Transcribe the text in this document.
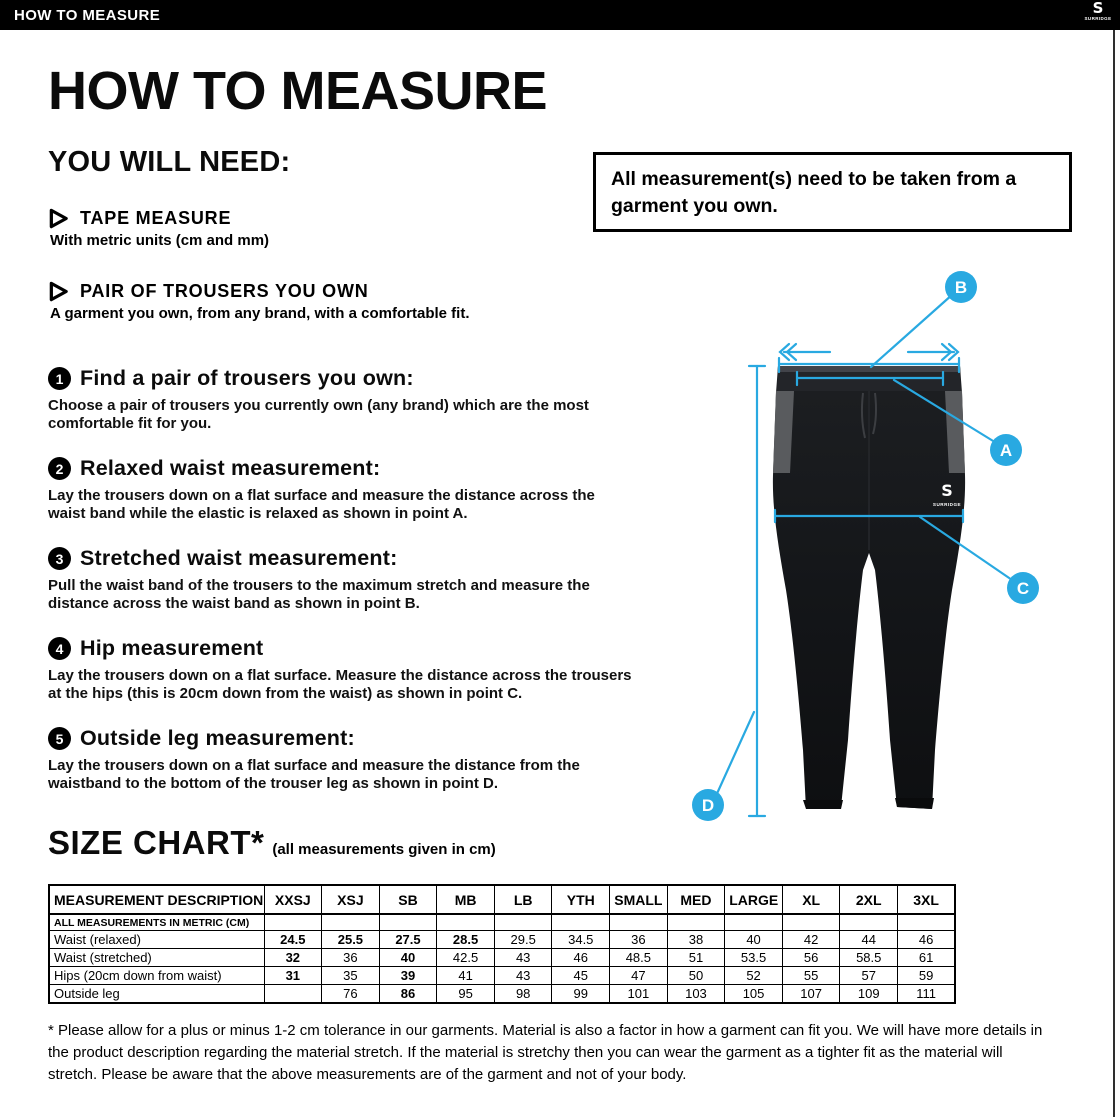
HOW TO MEASURE	S
SURRIDGE
HOW TO MEASURE
YOU WILL NEED:
TAPE MEASURE
With metric units (cm and mm)
PAIR OF TROUSERS YOU OWN
A garment you own, from any brand, with a comfortable fit.
All measurement(s) need to be taken from a garment you own.
1 Find a pair of trousers you own:
Choose a pair of trousers you currently own (any brand) which are the most comfortable fit for you.
2 Relaxed waist measurement:
Lay the trousers down on a flat surface and measure the distance across the waist band while the elastic is relaxed as shown in point A.
3 Stretched waist measurement:
Pull the waist band of the trousers to the maximum stretch and measure the distance across the waist band as shown in point B.
4 Hip measurement
Lay the trousers down on a flat surface. Measure the distance across the trousers at the hips (this is 20cm down from the waist) as shown in point C.
5 Outside leg measurement:
Lay the trousers down on a flat surface and measure the distance from the waistband to the bottom of the trouser leg as shown in point D.
S
SURRIDGE
B
A
C
D
SIZE CHART* (all measurements given in cm)
MEASUREMENT DESCRIPTION	XXSJ	XSJ	SB	MB	LB	YTH	SMALL	MED	LARGE	XL	2XL	3XL
ALL MEASUREMENTS IN METRIC (CM)												
Waist (relaxed)	24.5	25.5	27.5	28.5	29.5	34.5	36	38	40	42	44	46
Waist (stretched)	32	36	40	42.5	43	46	48.5	51	53.5	56	58.5	61
Hips (20cm down from waist)	31	35	39	41	43	45	47	50	52	55	57	59
Outside leg		76	86	95	98	99	101	103	105	107	109	111
* Please allow for a plus or minus 1-2 cm tolerance in our garments. Material is also a factor in how a garment can fit you. We will have more details in the product description regarding the material stretch. If the material is stretchy then you can wear the garment as a tighter fit as the material will stretch. Please be aware that the above measurements are of the garment and not of your body.
